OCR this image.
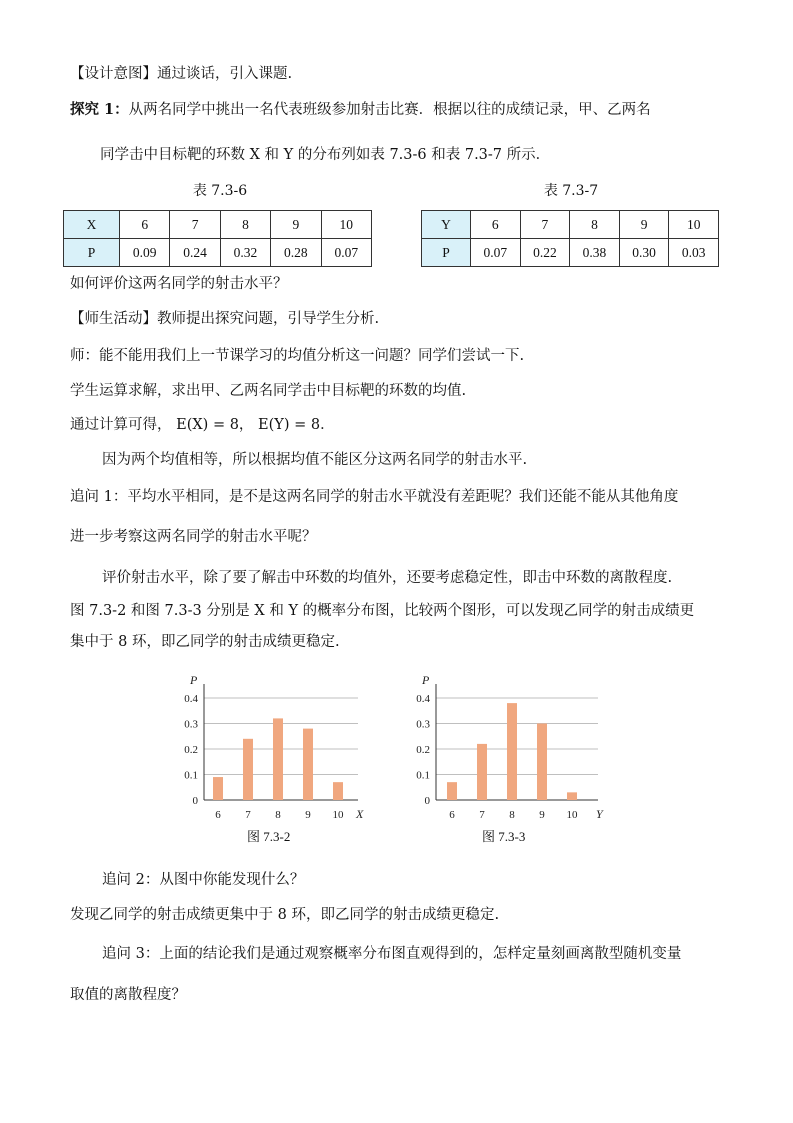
【设计意图】通过谈话，引入课题.
探究 1：从两名同学中挑出一名代表班级参加射击比赛．根据以往的成绩记录，甲、乙两名
同学击中目标靶的环数 X 和 Y 的分布列如表 7.3-6 和表 7.3-7 所示．
表 7.3-6
X	6	7	8	9	10
P	0.09	0.24	0.32	0.28	0.07
表 7.3-7
Y	6	7	8	9	10
P	0.07	0.22	0.38	0.30	0.03
如何评价这两名同学的射击水平？
【师生活动】教师提出探究问题，引导学生分析.
师：能不能用我们上一节课学习的均值分析这一问题？同学们尝试一下.
学生运算求解，求出甲、乙两名同学击中目标靶的环数的均值.
通过计算可得， E(X) = 8， E(Y) = 8．
因为两个均值相等，所以根据均值不能区分这两名同学的射击水平.
追问 1：平均水平相同，是不是这两名同学的射击水平就没有差距呢？我们还能不能从其他角度
进一步考察这两名同学的射击水平呢？
评价射击水平，除了要了解击中环数的均值外，还要考虑稳定性，即击中环数的离散程度.
图 7.3-2 和图 7.3-3 分别是 X 和 Y 的概率分布图，比较两个图形，可以发现乙同学的射击成绩更
集中于 8 环，即乙同学的射击成绩更稳定.
0
0.1
0.2
0.3
0.4
P
X
6 7 8 9 10
图 7.3-2
0
0.1
0.2
0.3
0.4
P
Y
6 7 8 9 10
图 7.3-3
追问 2：从图中你能发现什么？
发现乙同学的射击成绩更集中于 8 环，即乙同学的射击成绩更稳定.
追问 3：上面的结论我们是通过观察概率分布图直观得到的，怎样定量刻画离散型随机变量
取值的离散程度？
